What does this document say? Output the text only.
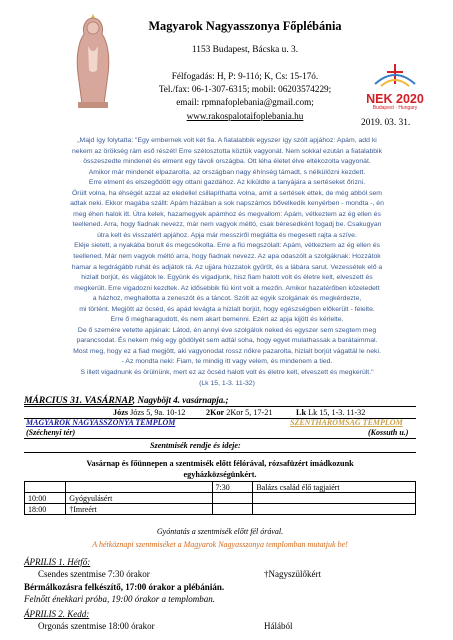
Magyarok Nagyasszonya Főplébánia
1153 Budapest, Bácska u. 3.
Félfogadás: H, P: 9-11ó; K, Cs: 15-17ó.
Tel./fax: 06-1-307-6315; mobil: 06203574229;
email: rpmnafoplebania@gmail.com;
www.rakospalotaifoplebania.hu
NEK 2020
Budapest · Hungary
2019. 03. 31.

„Majd így folytatta: "Egy embernek volt két fia. A fiatalabbik egyszer így szólt apjához: Apám, add ki

nekem az örökség rám eső részét! Erre szétosztotta köztük vagyonát. Nem sokkal ezután a fiatalabbik

összeszedte mindenét és elment egy távoli országba. Ott léha életet élve eltékozolta vagyonát.

Amikor már mindenét elpazarolta, az országban nagy éhínség támadt, s nélkülözni kezdett.

Erre elment és elszegődött egy ottani gazdához. Az kiküldte a tanyájára a sertéseket őrizni.

Örült volna, ha éhségét azzal az eledellel csillapíthatta volna, amit a sertések ettek, de még abból sem

adtak neki. Ekkor magába szállt: Apám házában a sok napszámos bővelkedik kenyérben - mondta -, én

meg éhen halok itt. Útra kelek, hazamegyek apámhoz és megvallom: Apám, vétkeztem az ég ellen és

teellened. Arra, hogy fiadnak nevezz, már nem vagyok méltó, csak béresedként fogadj be. Csakugyan

útra kelt és visszatért apjához. Apja már messziről meglátta és megesett rajta a szíve.

Eléje sietett, a nyakába borult és megcsókolta. Erre a fiú megszólalt: Apám, vétkeztem az ég ellen és

teellened. Már nem vagyok méltó arra, hogy fiadnak nevezz. Az apa odaszólt a szolgáknak: Hozzátok

hamar a legdrágább ruhát és adjátok rá. Az ujjára húzzatok gyűrűt, és a lábára sarut. Vezessétek elő a

hizlalt borjút, és vágjátok le. Együnk és vigadjunk, hisz fiam halott volt és életre kelt, elveszett és

megkerült. Erre vigadozni kezdtek. Az idősebbik fiú kint volt a mezőn. Amikor hazatérőben közeledett

a házhoz, meghallotta a zeneszót és a táncot. Szólt az egyik szolgának és megkérdezte,

mi történt. Megjött az öcséd, és apád levágta a hizlalt borjút, hogy egészségben előkerült - felelte.

Erre ő megharagudott, és nem akart bemenni. Ezért az apja kijött és kérlelte.

De ő szemére vetette apjának: Látod, én annyi éve szolgálok neked és egyszer sem szegtem meg

parancsodat. És nekem még egy gödölyét sem adtál soha, hogy egyet mulathassak a barátaimmal.

Most meg, hogy ez a fiad megjött, aki vagyonodat rossz nőkre pazarolta, hizlalt borjút vágattál le neki.

- Az mondta neki: Fiam, te mindig itt vagy velem, és mindenem a tied.

S illett vigadnunk és örülnünk, mert ez az öcséd halott volt és életre kelt, elveszett és megkerült."

(Lk 15, 1-3. 11-32)

MÁRCIUS 31. VASÁRNAP, Nagyböjt 4. vasárnapja.;
Józs Józs 5, 9a. 10-12	2Kor 2Kor 5, 17-21	Lk Lk 15, 1-3. 11-32
MAGYAROK NAGYASSZONYA TEMPLOM	SZENTHÁROMSÁG TEMPLOM
(Széchenyi tér)	(Kossuth u.)
Szentmisék rendje és ideje:
Vasárnap és főünnepen a szentmisék előtt félórával, rózsafüzért imádkozunk
egyházközségünkért.
		7:30	Balázs család élő tagjaiért
10:00	Gyógyulásért		
18:00	†Imreért		
Gyóntatás a szentmisék előtt fél órával.
A hétköznapi szentmiséket a Magyarok Nagyasszonya templomban mutatjuk be!
ÁPRILIS 1. Hétfő:
Csendes szentmise 7:30 órakor	†Nagyszülőkért
Bérmálkozásra felkészítő, 17:00 órakor a plébánián.
Felnőtt énekkari próba, 19:00 órakor a templomban.
ÁPRILIS 2. Kedd:
Orgonás szentmise 18:00 órakor	Hálából
